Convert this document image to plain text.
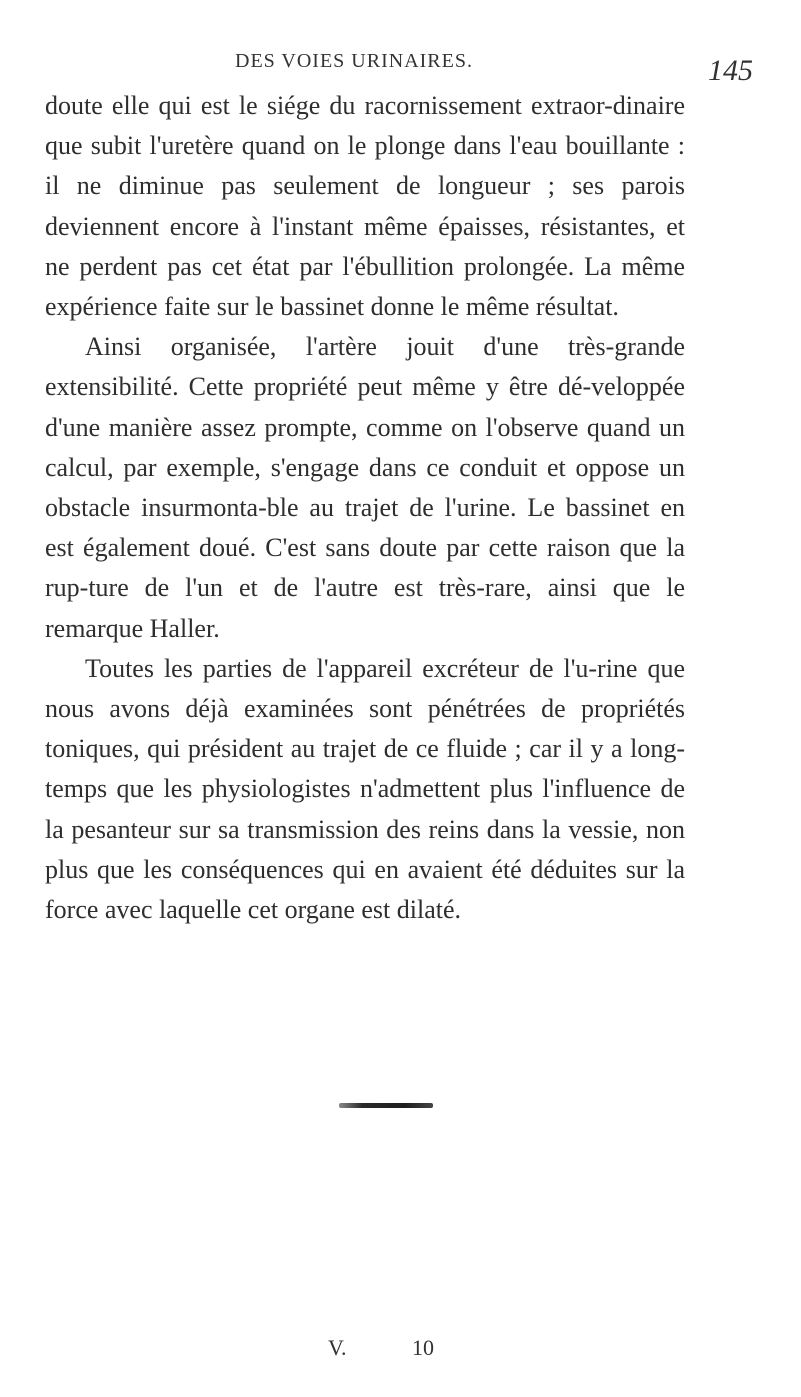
DES VOIES URINAIRES.	145

doute elle qui est le siége du racornissement extraor-dinaire que subit l'uretère quand on le plonge dans l'eau bouillante : il ne diminue pas seulement de longueur ; ses parois deviennent encore à l'instant même épaisses, résistantes, et ne perdent pas cet état par l'ébullition prolongée. La même expérience faite sur le bassinet donne le même résultat.

Ainsi organisée, l'artère jouit d'une très-grande extensibilité. Cette propriété peut même y être dé-veloppée d'une manière assez prompte, comme on l'observe quand un calcul, par exemple, s'engage dans ce conduit et oppose un obstacle insurmonta-ble au trajet de l'urine. Le bassinet en est également doué. C'est sans doute par cette raison que la rup-ture de l'un et de l'autre est très-rare, ainsi que le remarque Haller.

Toutes les parties de l'appareil excréteur de l'u-rine que nous avons déjà examinées sont pénétrées de propriétés toniques, qui président au trajet de ce fluide ; car il y a long-temps que les physiologistes n'admettent plus l'influence de la pesanteur sur sa transmission des reins dans la vessie, non plus que les conséquences qui en avaient été déduites sur la force avec laquelle cet organe est dilaté.

V.	10
